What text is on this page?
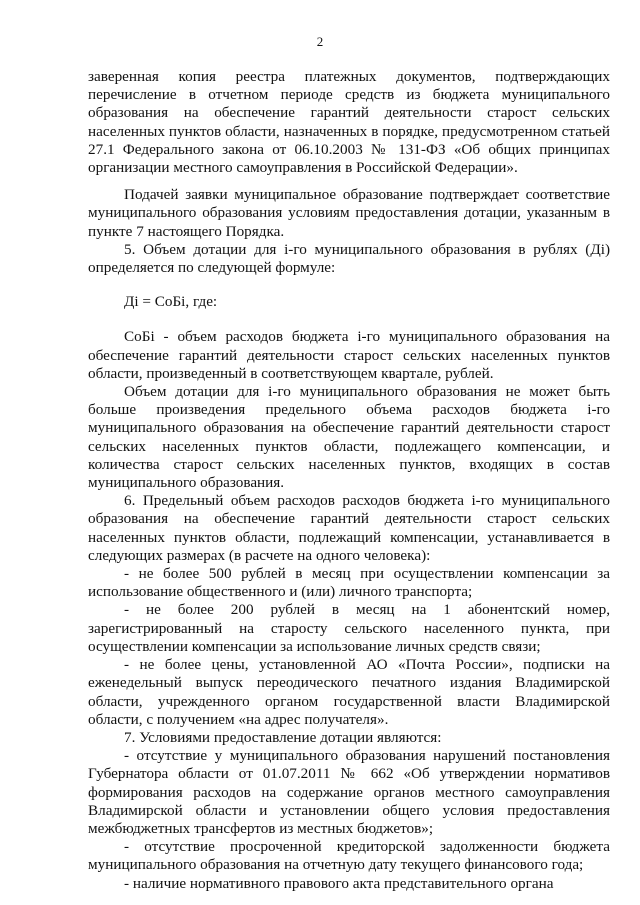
2

заверенная копия реестра платежных документов, подтверждающих перечисление в отчетном периоде средств из бюджета муниципального образования на обеспечение гарантий деятельности старост сельских населенных пунктов области, назначенных в порядке, предусмотренном статьей 27.1 Федерального закона от 06.10.2003 № 131-ФЗ «Об общих принципах организации местного самоуправления в Российской Федерации».

Подачей заявки муниципальное образование подтверждает соответствие муниципального образования условиям предоставления дотации, указанным в пункте 7 настоящего Порядка.

5. Объем дотации для i-го муниципального образования в рублях (Дi) определяется по следующей формуле:

Дi = СоБi, где:

СоБi - объем расходов бюджета i-го муниципального образования на обеспечение гарантий деятельности старост сельских населенных пунктов области, произведенный в соответствующем квартале, рублей.

Объем дотации для i-го муниципального образования не может быть больше произведения предельного объема расходов бюджета i-го муниципального образования на обеспечение гарантий деятельности старост сельских населенных пунктов области, подлежащего компенсации, и количества старост сельских населенных пунктов, входящих в состав муниципального образования.

6. Предельный объем расходов расходов бюджета i-го муниципального образования на обеспечение гарантий деятельности старост сельских населенных пунктов области, подлежащий компенсации, устанавливается в следующих размерах (в расчете на одного человека):

- не более 500 рублей в месяц при осуществлении компенсации за использование общественного и (или) личного транспорта;

- не более 200 рублей в месяц на 1 абонентский номер, зарегистрированный на старосту сельского населенного пункта, при осуществлении компенсации за использование личных средств связи;

- не более цены, установленной АО «Почта России», подписки на еженедельный выпуск переодического печатного издания Владимирской области, учрежденного органом государственной власти Владимирской области, с получением «на адрес получателя».

7. Условиями предоставление дотации являются:

- отсутствие у муниципального образования нарушений постановления Губернатора области от 01.07.2011 № 662 «Об утверждении нормативов формирования расходов на содержание органов местного самоуправления Владимирской области и установлении общего условия предоставления межбюджетных трансфертов из местных бюджетов»;

- отсутствие просроченной кредиторской задолженности бюджета муниципального образования на отчетную дату текущего финансового года;

- наличие нормативного правового акта представительного органа
